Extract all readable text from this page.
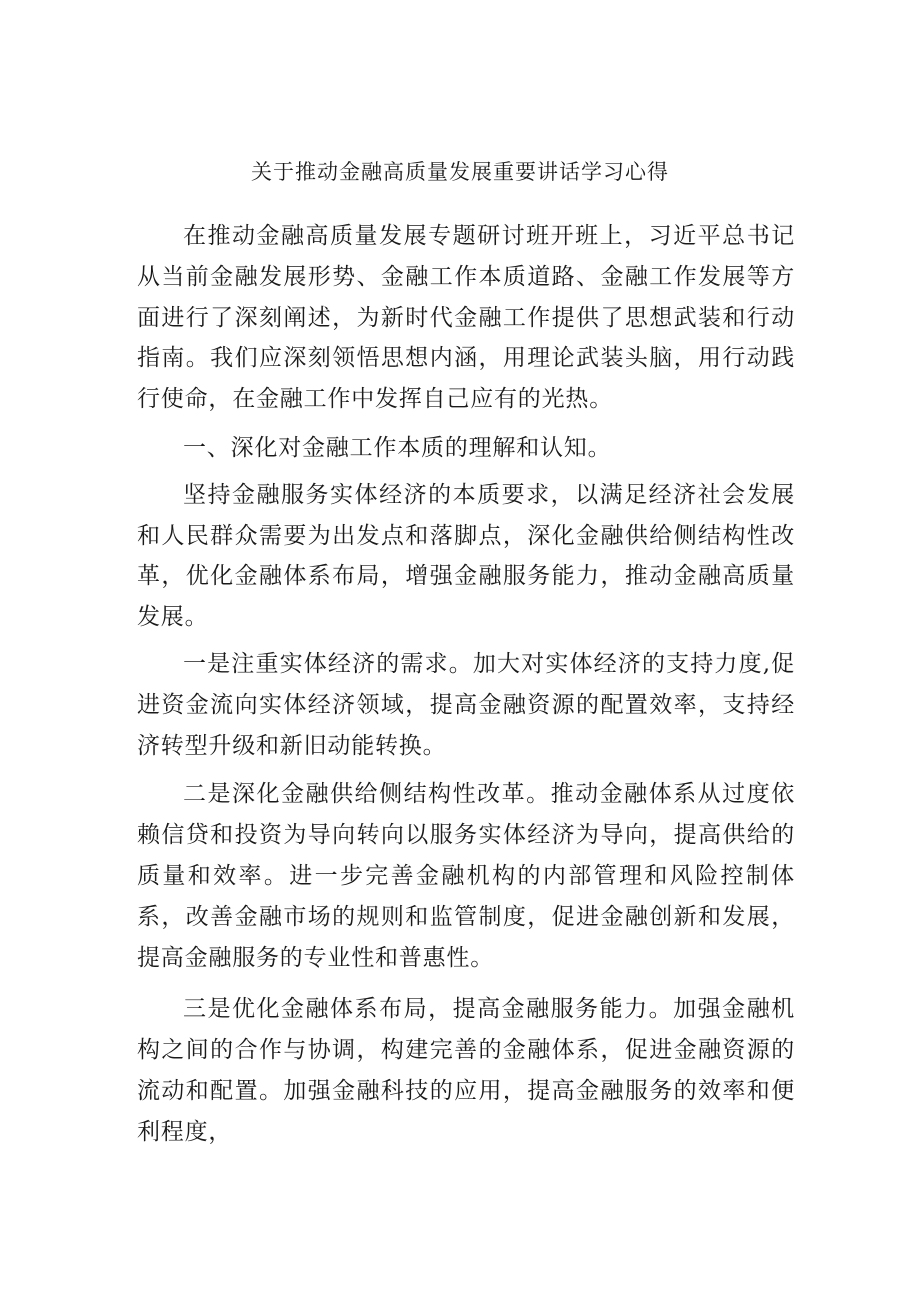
关于推动金融高质量发展重要讲话学习心得

在推动金融高质量发展专题研讨班开班上，习近平总书记从当前金融发展形势、金融工作本质道路、金融工作发展等方面进行了深刻阐述，为新时代金融工作提供了思想武装和行动指南。我们应深刻领悟思想内涵，用理论武装头脑，用行动践行使命，在金融工作中发挥自己应有的光热。

一、深化对金融工作本质的理解和认知。

坚持金融服务实体经济的本质要求，以满足经济社会发展和人民群众需要为出发点和落脚点，深化金融供给侧结构性改革，优化金融体系布局，增强金融服务能力，推动金融高质量发展。

一是注重实体经济的需求。加大对实体经济的支持力度,促进资金流向实体经济领域，提高金融资源的配置效率，支持经济转型升级和新旧动能转换。

二是深化金融供给侧结构性改革。推动金融体系从过度依赖信贷和投资为导向转向以服务实体经济为导向，提高供给的质量和效率。进一步完善金融机构的内部管理和风险控制体系，改善金融市场的规则和监管制度，促进金融创新和发展，提高金融服务的专业性和普惠性。

三是优化金融体系布局，提高金融服务能力。加强金融机构之间的合作与协调，构建完善的金融体系，促进金融资源的流动和配置。加强金融科技的应用，提高金融服务的效率和便利程度，
